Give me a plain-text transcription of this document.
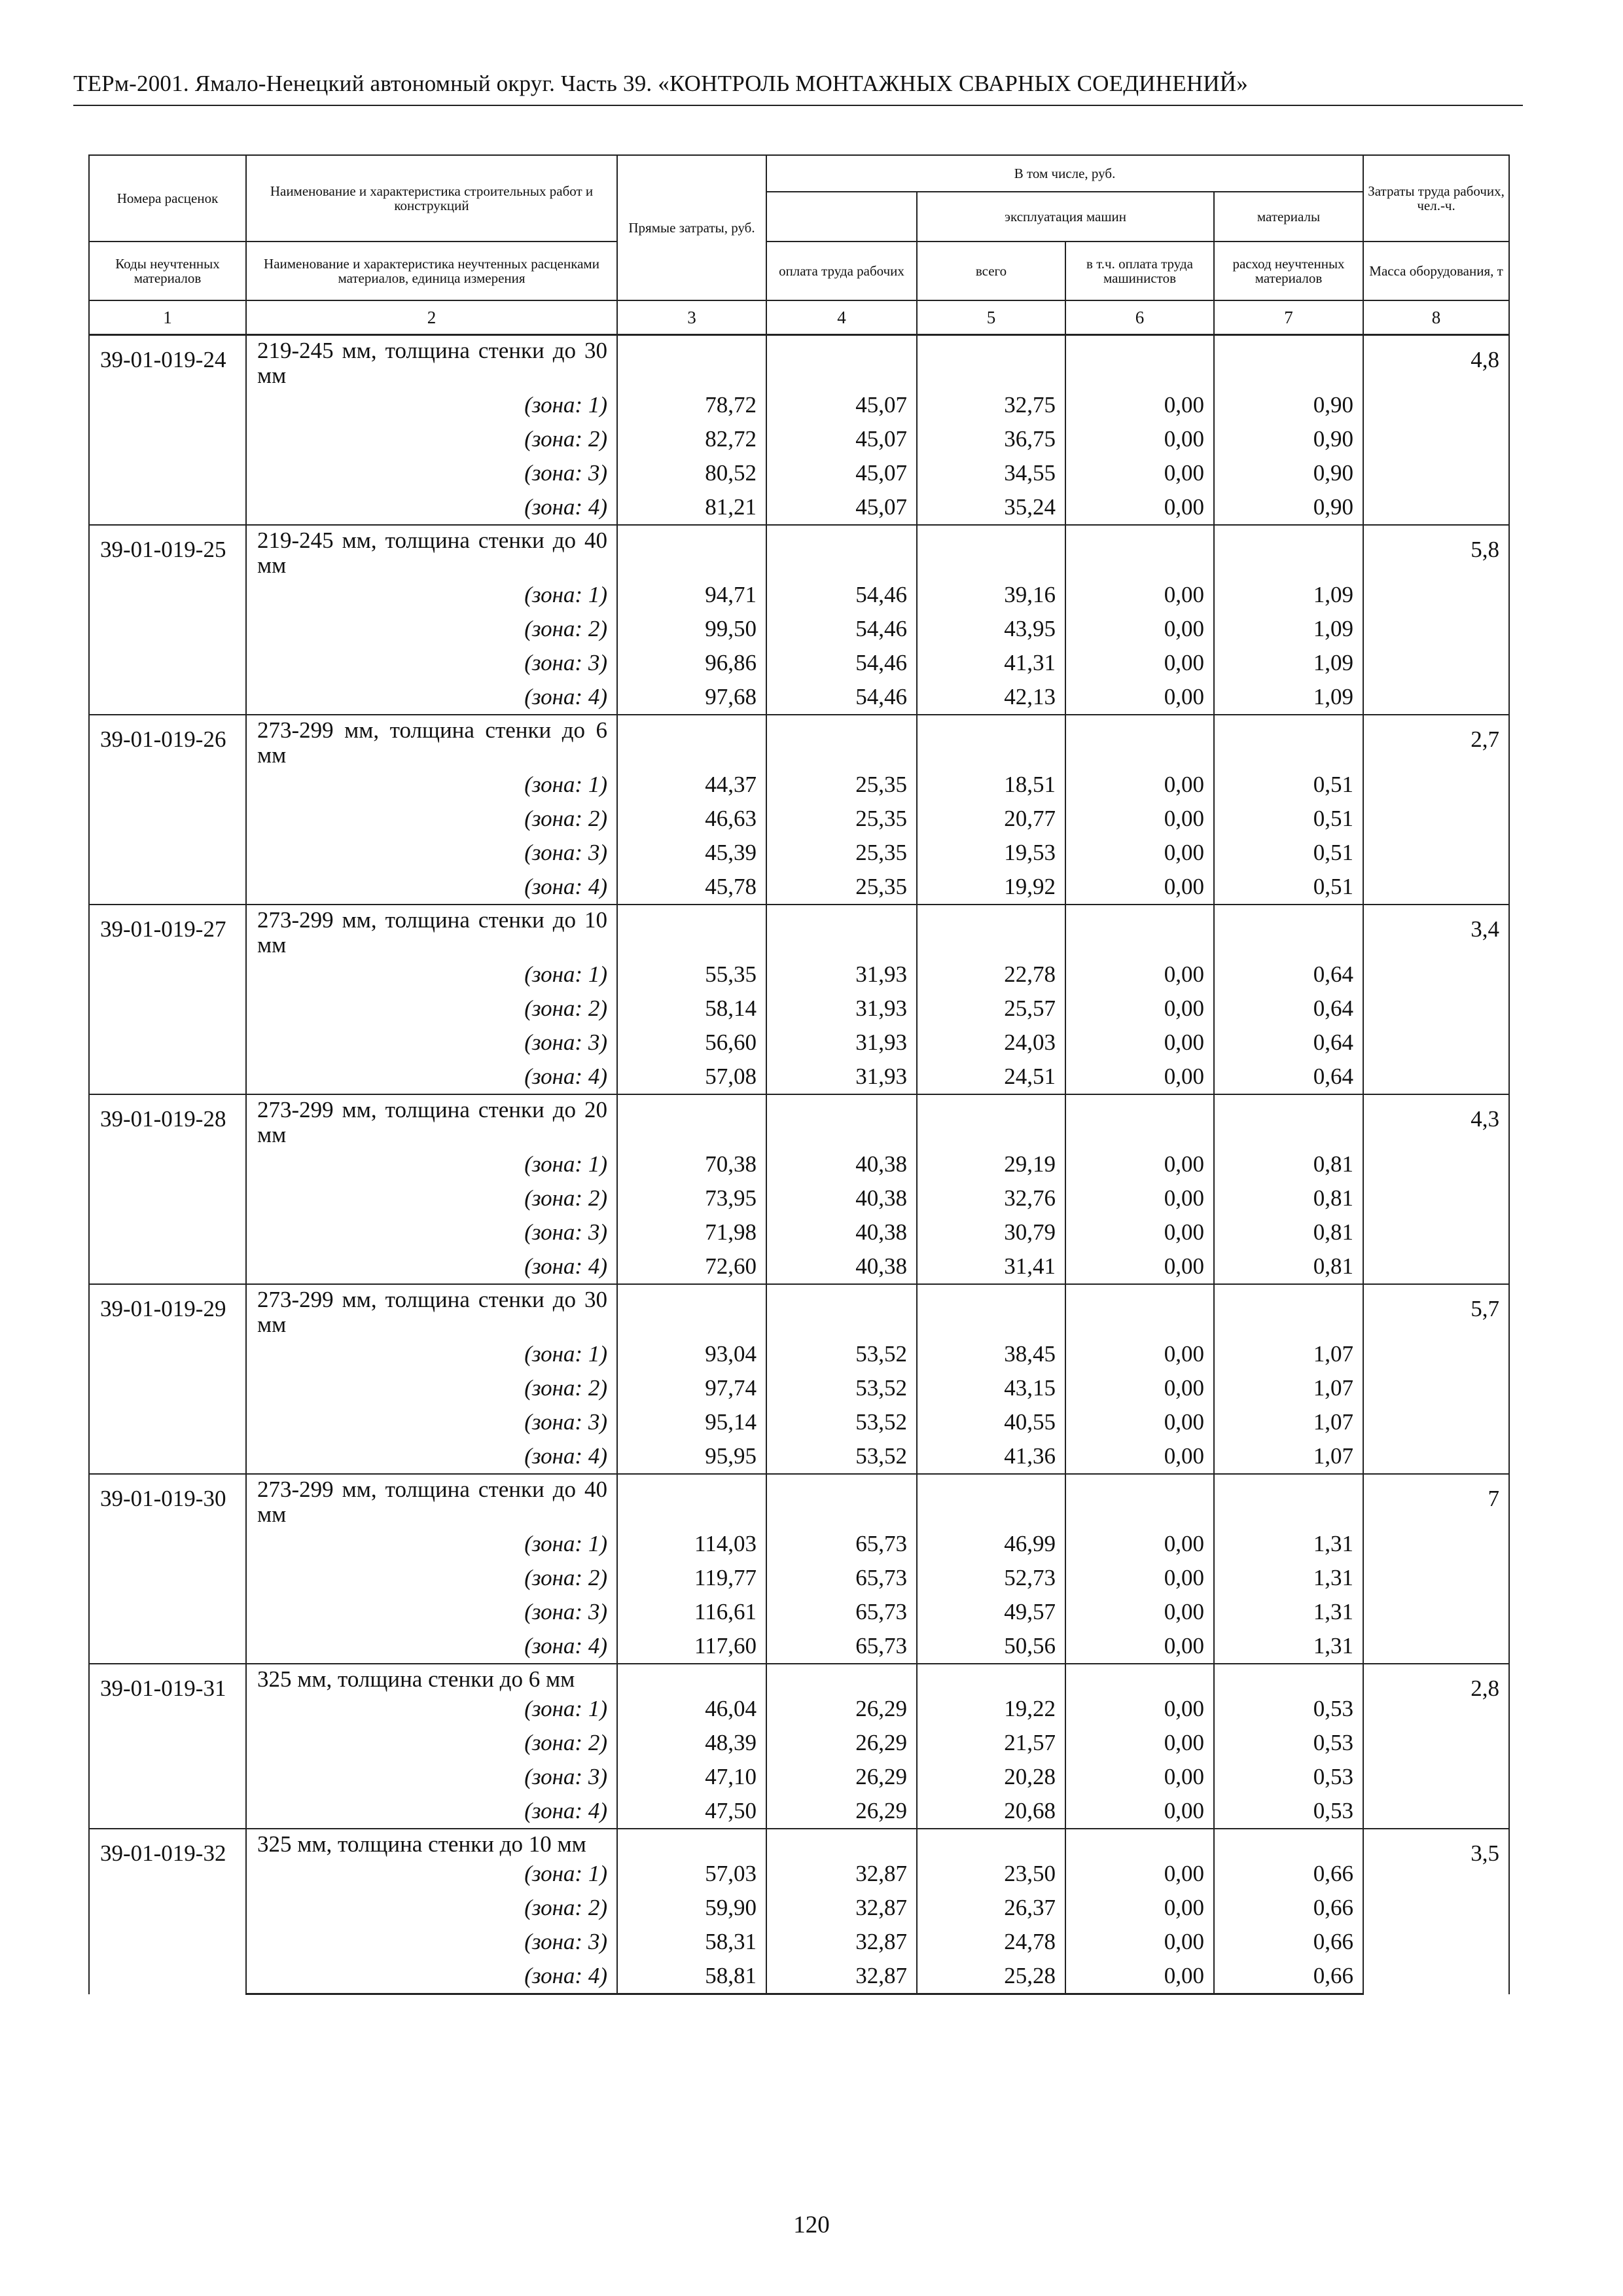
ТЕРм-2001. Ямало-Ненецкий автономный округ. Часть 39. «КОНТРОЛЬ МОНТАЖНЫХ СВАРНЫХ СОЕДИНЕНИЙ»
Номера расценок	Наименование и характеристика строительных работ и конструкций	Прямые затраты, руб.	В том числе, руб.				Затраты труда рабочих, чел.-ч.
				эксплуатация машин		материалы	
Коды неучтенных материалов	Наименование и характеристика неучтенных расценками материалов, единица измерения		оплата труда рабочих	всего	в т.ч. оплата труда машинистов	расход неучтенных материалов	Масса оборудования, т
1	2	3	4	5	6	7	8
39-01-019-24	219-245 мм, толщина стенки до 30 мм						4,8
	(зона: 1)	78,72	45,07	32,75	0,00	0,90	
	(зона: 2)	82,72	45,07	36,75	0,00	0,90	
	(зона: 3)	80,52	45,07	34,55	0,00	0,90	
	(зона: 4)	81,21	45,07	35,24	0,00	0,90	
39-01-019-25	219-245 мм, толщина стенки до 40 мм						5,8
	(зона: 1)	94,71	54,46	39,16	0,00	1,09	
	(зона: 2)	99,50	54,46	43,95	0,00	1,09	
	(зона: 3)	96,86	54,46	41,31	0,00	1,09	
	(зона: 4)	97,68	54,46	42,13	0,00	1,09	
39-01-019-26	273-299 мм, толщина стенки до 6 мм						2,7
	(зона: 1)	44,37	25,35	18,51	0,00	0,51	
	(зона: 2)	46,63	25,35	20,77	0,00	0,51	
	(зона: 3)	45,39	25,35	19,53	0,00	0,51	
	(зона: 4)	45,78	25,35	19,92	0,00	0,51	
39-01-019-27	273-299 мм, толщина стенки до 10 мм						3,4
	(зона: 1)	55,35	31,93	22,78	0,00	0,64	
	(зона: 2)	58,14	31,93	25,57	0,00	0,64	
	(зона: 3)	56,60	31,93	24,03	0,00	0,64	
	(зона: 4)	57,08	31,93	24,51	0,00	0,64	
39-01-019-28	273-299 мм, толщина стенки до 20 мм						4,3
	(зона: 1)	70,38	40,38	29,19	0,00	0,81	
	(зона: 2)	73,95	40,38	32,76	0,00	0,81	
	(зона: 3)	71,98	40,38	30,79	0,00	0,81	
	(зона: 4)	72,60	40,38	31,41	0,00	0,81	
39-01-019-29	273-299 мм, толщина стенки до 30 мм						5,7
	(зона: 1)	93,04	53,52	38,45	0,00	1,07	
	(зона: 2)	97,74	53,52	43,15	0,00	1,07	
	(зона: 3)	95,14	53,52	40,55	0,00	1,07	
	(зона: 4)	95,95	53,52	41,36	0,00	1,07	
39-01-019-30	273-299 мм, толщина стенки до 40 мм						7
	(зона: 1)	114,03	65,73	46,99	0,00	1,31	
	(зона: 2)	119,77	65,73	52,73	0,00	1,31	
	(зона: 3)	116,61	65,73	49,57	0,00	1,31	
	(зона: 4)	117,60	65,73	50,56	0,00	1,31	
39-01-019-31	325 мм, толщина стенки до 6 мм						2,8
	(зона: 1)	46,04	26,29	19,22	0,00	0,53	
	(зона: 2)	48,39	26,29	21,57	0,00	0,53	
	(зона: 3)	47,10	26,29	20,28	0,00	0,53	
	(зона: 4)	47,50	26,29	20,68	0,00	0,53	
39-01-019-32	325 мм, толщина стенки до 10 мм						3,5
	(зона: 1)	57,03	32,87	23,50	0,00	0,66	
	(зона: 2)	59,90	32,87	26,37	0,00	0,66	
	(зона: 3)	58,31	32,87	24,78	0,00	0,66	
	(зона: 4)	58,81	32,87	25,28	0,00	0,66	
120
